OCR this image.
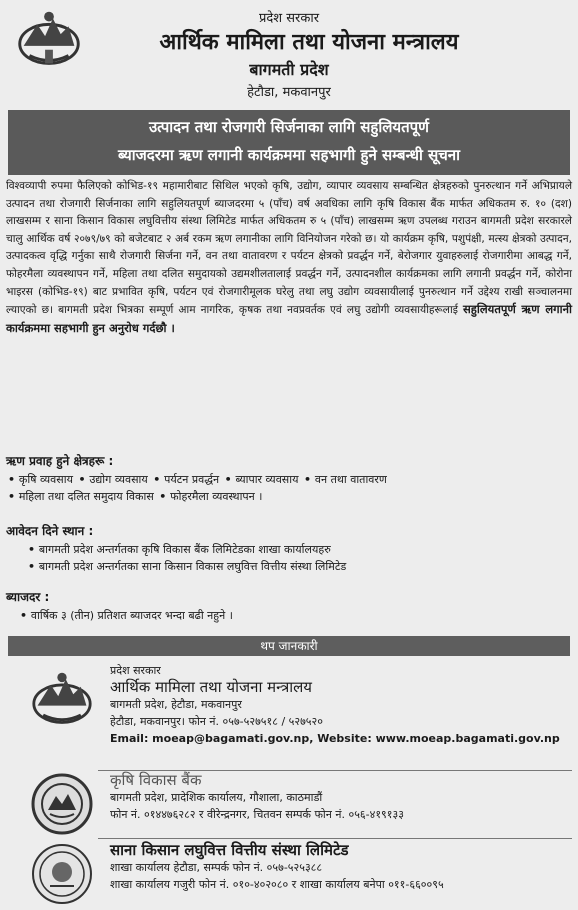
प्रदेश सरकार
आर्थिक मामिला तथा योजना मन्त्रालय
बागमती प्रदेश
हेटौडा, मकवानपुर
उत्पादन तथा रोजगारी सिर्जनाका लागि सहुलियतपूर्ण
ब्याजदरमा ऋण लगानी कार्यक्रममा सहभागी हुने सम्बन्धी सूचना
विश्वव्यापी रुपमा फैलिएको कोभिड-१९ महामारीबाट सिथिल भएको कृषि, उद्योग, व्यापार व्यवसाय सम्बन्धित क्षेत्रहरुको पुनरुत्थान गर्ने अभिप्रायले उत्पादन तथा रोजगारी सिर्जनाका लागि सहुलियतपूर्ण ब्याजदरमा ५ (पाँच) वर्ष अवधिका लागि कृषि विकास बैंक मार्फत अधिकतम रु. १० (दश) लाखसम्म र साना किसान विकास लघुवित्तीय संस्था लिमिटेड मार्फत अधिकतम रु ५ (पाँच) लाखसम्म ऋण उपलब्ध गराउन बागमती प्रदेश सरकारले चालु आर्थिक वर्ष २०७९/७९ को बजेटबाट २ अर्ब रकम ऋण लगानीका लागि विनियोजन गरेको छ। यो कार्यक्रम कृषि, पशुपंक्षी, मत्स्य क्षेत्रको उत्पादन, उत्पादकत्व वृद्धि गर्नुका साथै रोजगारी सिर्जना गर्ने, वन तथा वातावरण र पर्यटन क्षेत्रको प्रवर्द्धन गर्ने, बेरोजगार युवाहरुलाई रोजगारीमा आबद्ध गर्ने, फोहरमैला व्यवस्थापन गर्ने, महिला तथा दलित समुदायको उद्यमशीलतालाई प्रवर्द्धन गर्ने, उत्पादनशील कार्यक्रमका लागि लगानी प्रवर्द्धन गर्ने, कोरोना भाइरस (कोभिड-१९) बाट प्रभावित कृषि, पर्यटन एवं रोजगारीमूलक घरेलु तथा लघु उद्योग व्यवसायीलाई पुनरुत्थान गर्ने उद्देश्य राखी सञ्चालनमा ल्याएको छ। बागमती प्रदेश भित्रका सम्पूर्ण आम नागरिक, कृषक तथा नवप्रवर्तक एवं लघु उद्योगी व्यवसायीहरूलाई सहुलियतपूर्ण ऋण लगानी कार्यक्रममा सहभागी हुन अनुरोध गर्दछौ ।
ऋण प्रवाह हुने क्षेत्रहरू :
• कृषि व्यवसाय • उद्योग व्यवसाय • पर्यटन प्रवर्द्धन • ब्यापार व्यवसाय • वन तथा वातावरण
• महिला तथा दलित समुदाय विकास • फोहरमैला व्यवस्थापन ।
आवेदन दिने स्थान :
• बागमती प्रदेश अन्तर्गतका कृषि विकास बैंक लिमिटेडका शाखा कार्यालयहरु
• बागमती प्रदेश अन्तर्गतका साना किसान विकास लघुवित्त वित्तीय संस्था लिमिटेड
ब्याजदर :
• वार्षिक ३ (तीन) प्रतिशत ब्याजदर भन्दा बढी नहुने ।
थप जानकारी
प्रदेश सरकार
आर्थिक मामिला तथा योजना मन्त्रालय
बागमती प्रदेश, हेटौडा, मकवानपुर
हेटौडा, मकवानपुर। फोन नं. ०५७-५२७५१८ / ५२७५२०
Email: moeap@bagamati.gov.np, Website: www.moeap.bagamati.gov.np
कृषि विकास बैंक
बागमती प्रदेश, प्रादेशिक कार्यालय, गौशाला, काठमाडौं
फोन नं. ०१४४७६२८२ र वीरेन्द्रनगर, चितवन सम्पर्क फोन नं. ०५६-४१९१३३
साना किसान लघुवित्त वित्तीय संस्था लिमिटेड
शाखा कार्यालय हेटौडा, सम्पर्क फोन नं. ०५७-५२५३८८
शाखा कार्यालय गजुरी फोन नं. ०१०-४०२०८० र शाखा कार्यालय बनेपा ०११-६६००९५
